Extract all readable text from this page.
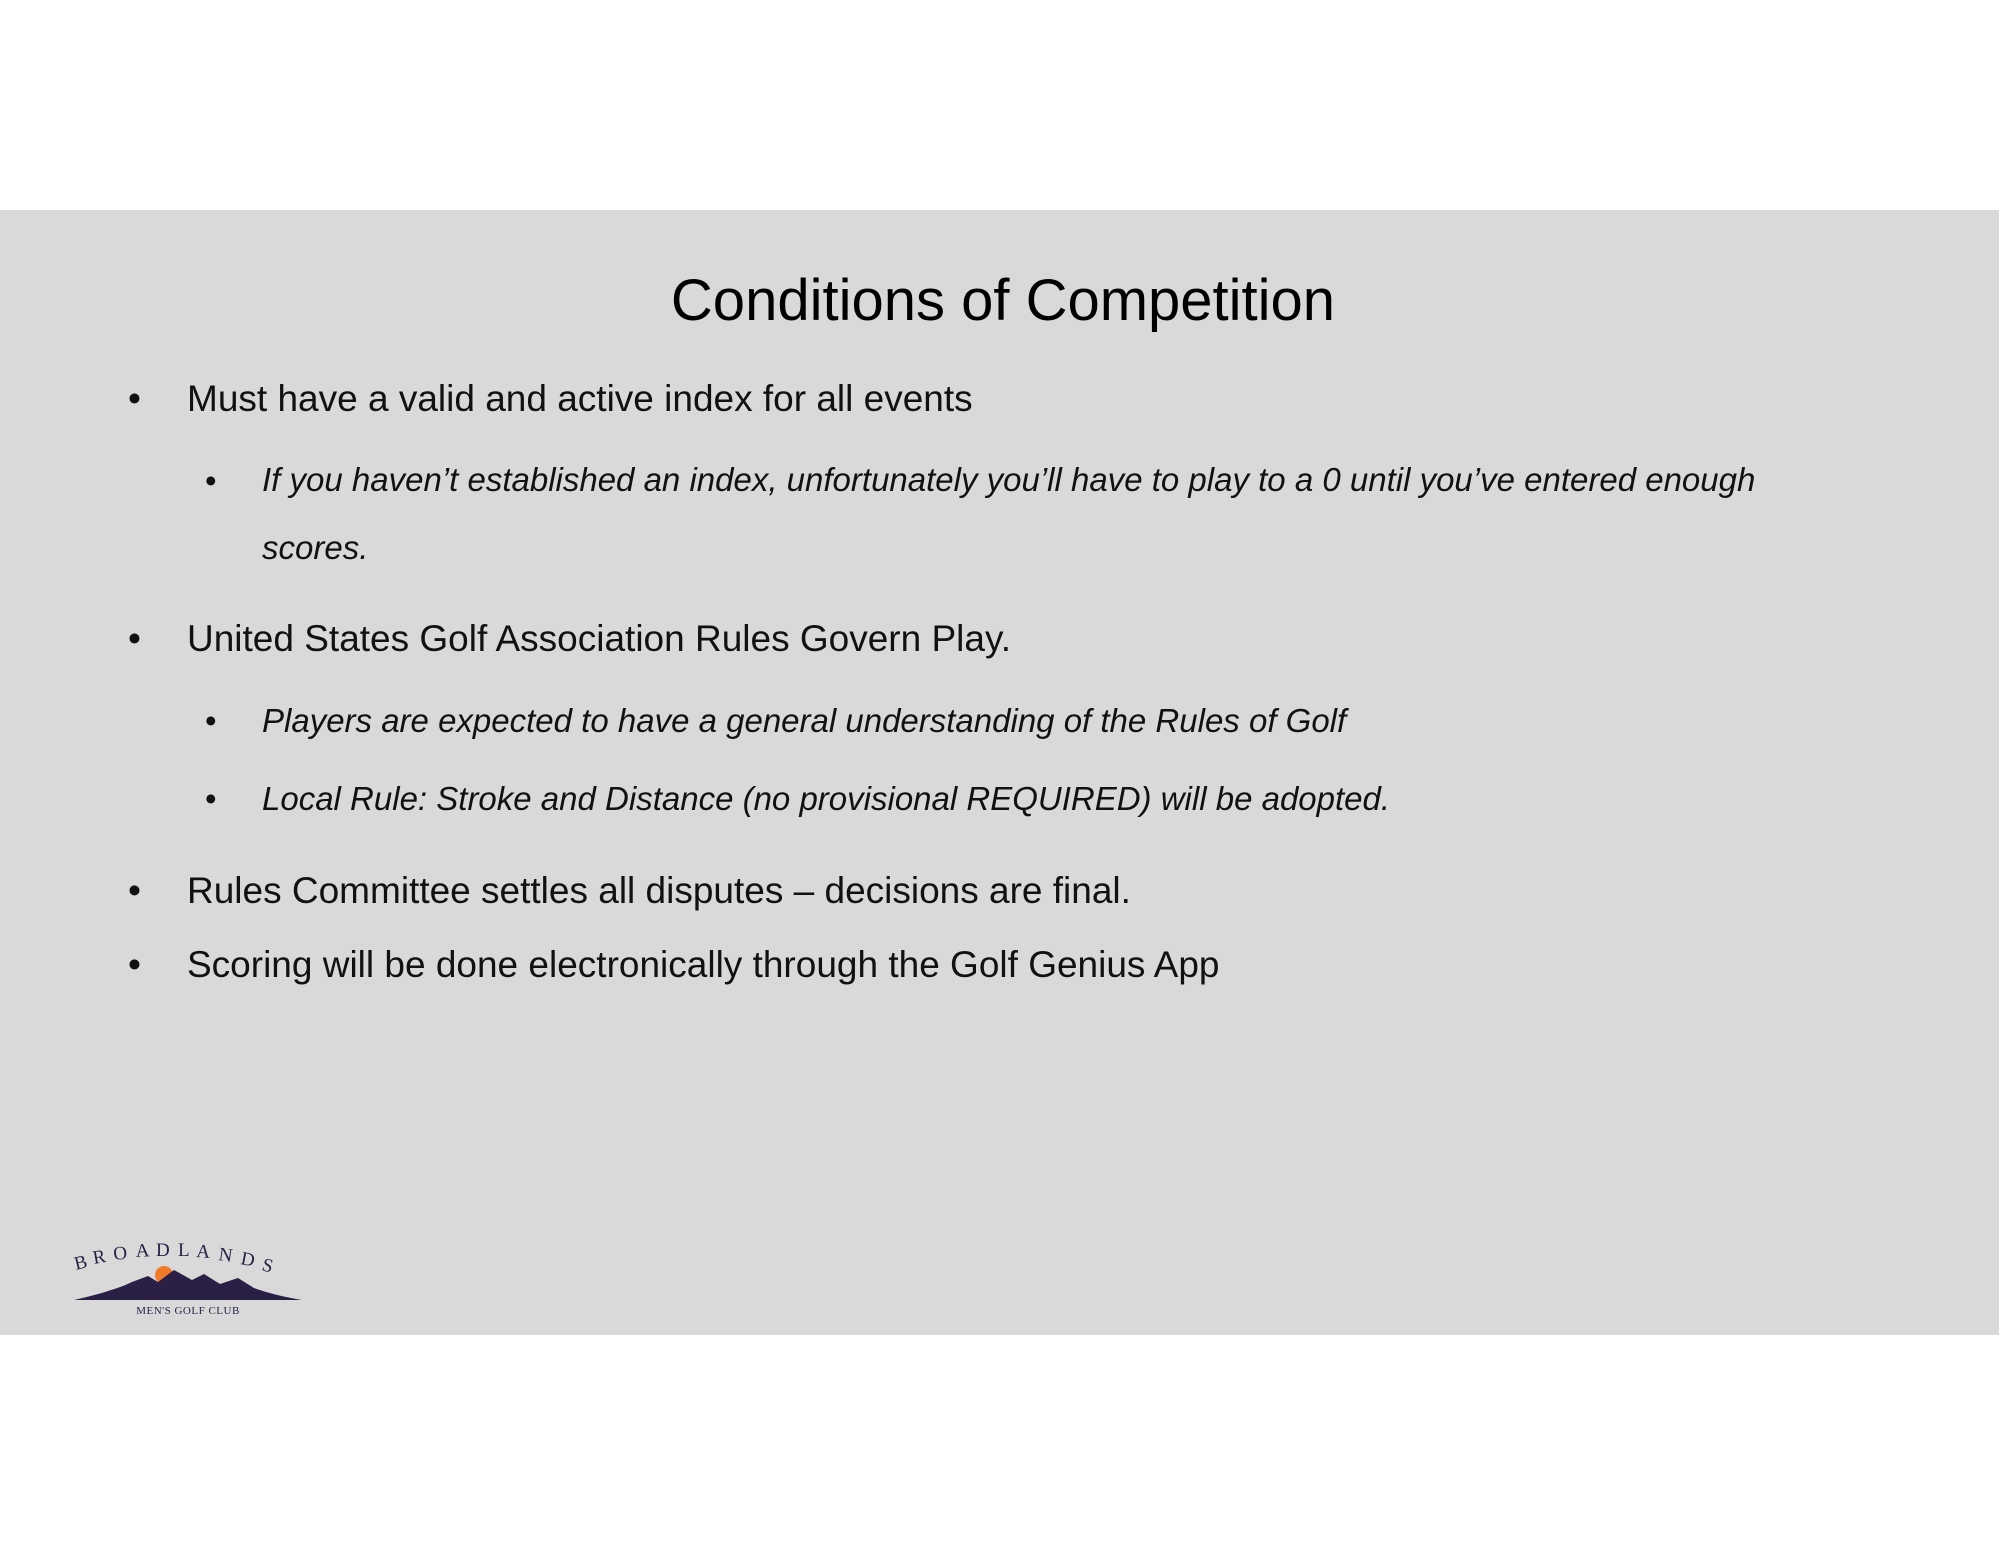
Conditions of Competition
• Must have a valid and active index for all events
• If you haven’t established an index, unfortunately you’ll have to play to a 0 until you’ve entered enough scores.
• United States Golf Association Rules Govern Play.
• Players are expected to have a general understanding of the Rules of Golf
• Local Rule: Stroke and Distance (no provisional REQUIRED) will be adopted.
• Rules Committee settles all disputes – decisions are final.
• Scoring will be done electronically through the Golf Genius App
B R O A D L A N D S
MEN'S GOLF CLUB
